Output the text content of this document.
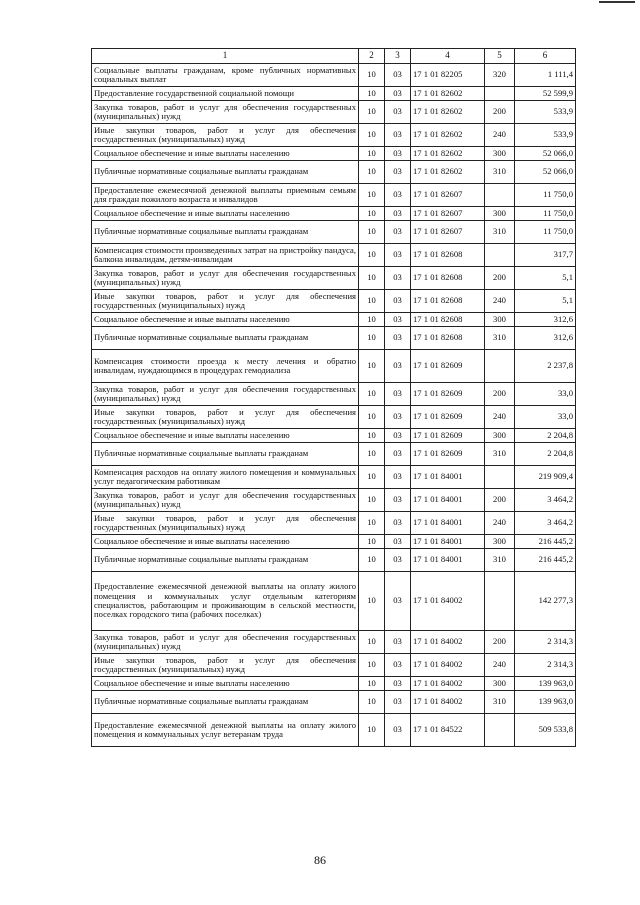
1	2	3	4	5	6
Социальные выплаты гражданам, кроме публичных нормативных социальных выплат	10	03	17 1 01 82205	320	1 111,4
Предоставление государственной социальной помощи	10	03	17 1 01 82602		52 599,9
Закупка товаров, работ и услуг для обеспечения государственных (муниципальных) нужд	10	03	17 1 01 82602	200	533,9
Иные закупки товаров, работ и услуг для обеспечения государственных (муниципальных) нужд	10	03	17 1 01 82602	240	533,9
Социальное обеспечение и иные выплаты населению	10	03	17 1 01 82602	300	52 066,0
Публичные нормативные социальные выплаты гражданам	10	03	17 1 01 82602	310	52 066,0
Предоставление ежемесячной денежной выплаты приемным семьям для граждан пожилого возраста и инвалидов	10	03	17 1 01 82607		11 750,0
Социальное обеспечение и иные выплаты населению	10	03	17 1 01 82607	300	11 750,0
Публичные нормативные социальные выплаты гражданам	10	03	17 1 01 82607	310	11 750,0
Компенсация стоимости произведенных затрат на пристройку пандуса, балкона инвалидам, детям-инвалидам	10	03	17 1 01 82608		317,7
Закупка товаров, работ и услуг для обеспечения государственных (муниципальных) нужд	10	03	17 1 01 82608	200	5,1
Иные закупки товаров, работ и услуг для обеспечения государственных (муниципальных) нужд	10	03	17 1 01 82608	240	5,1
Социальное обеспечение и иные выплаты населению	10	03	17 1 01 82608	300	312,6
Публичные нормативные социальные выплаты гражданам	10	03	17 1 01 82608	310	312,6
Компенсация стоимости проезда к месту лечения и обратно инвалидам, нуждающимся в процедурах гемодиализа	10	03	17 1 01 82609		2 237,8
Закупка товаров, работ и услуг для обеспечения государственных (муниципальных) нужд	10	03	17 1 01 82609	200	33,0
Иные закупки товаров, работ и услуг для обеспечения государственных (муниципальных) нужд	10	03	17 1 01 82609	240	33,0
Социальное обеспечение и иные выплаты населению	10	03	17 1 01 82609	300	2 204,8
Публичные нормативные социальные выплаты гражданам	10	03	17 1 01 82609	310	2 204,8
Компенсация расходов на оплату жилого помещения и коммунальных услуг педагогическим работникам	10	03	17 1 01 84001		219 909,4
Закупка товаров, работ и услуг для обеспечения государственных (муниципальных) нужд	10	03	17 1 01 84001	200	3 464,2
Иные закупки товаров, работ и услуг для обеспечения государственных (муниципальных) нужд	10	03	17 1 01 84001	240	3 464,2
Социальное обеспечение и иные выплаты населению	10	03	17 1 01 84001	300	216 445,2
Публичные нормативные социальные выплаты гражданам	10	03	17 1 01 84001	310	216 445,2
Предоставление ежемесячной денежной выплаты на оплату жилого помещения и коммунальных услуг отдельным категориям специалистов, работающим и проживающим в сельской местности, поселках городского типа (рабочих поселках)	10	03	17 1 01 84002		142 277,3
Закупка товаров, работ и услуг для обеспечения государственных (муниципальных) нужд	10	03	17 1 01 84002	200	2 314,3
Иные закупки товаров, работ и услуг для обеспечения государственных (муниципальных) нужд	10	03	17 1 01 84002	240	2 314,3
Социальное обеспечение и иные выплаты населению	10	03	17 1 01 84002	300	139 963,0
Публичные нормативные социальные выплаты гражданам	10	03	17 1 01 84002	310	139 963,0
Предоставление ежемесячной денежной выплаты на оплату жилого помещения и коммунальных услуг ветеранам труда	10	03	17 1 01 84522		509 533,8
86
